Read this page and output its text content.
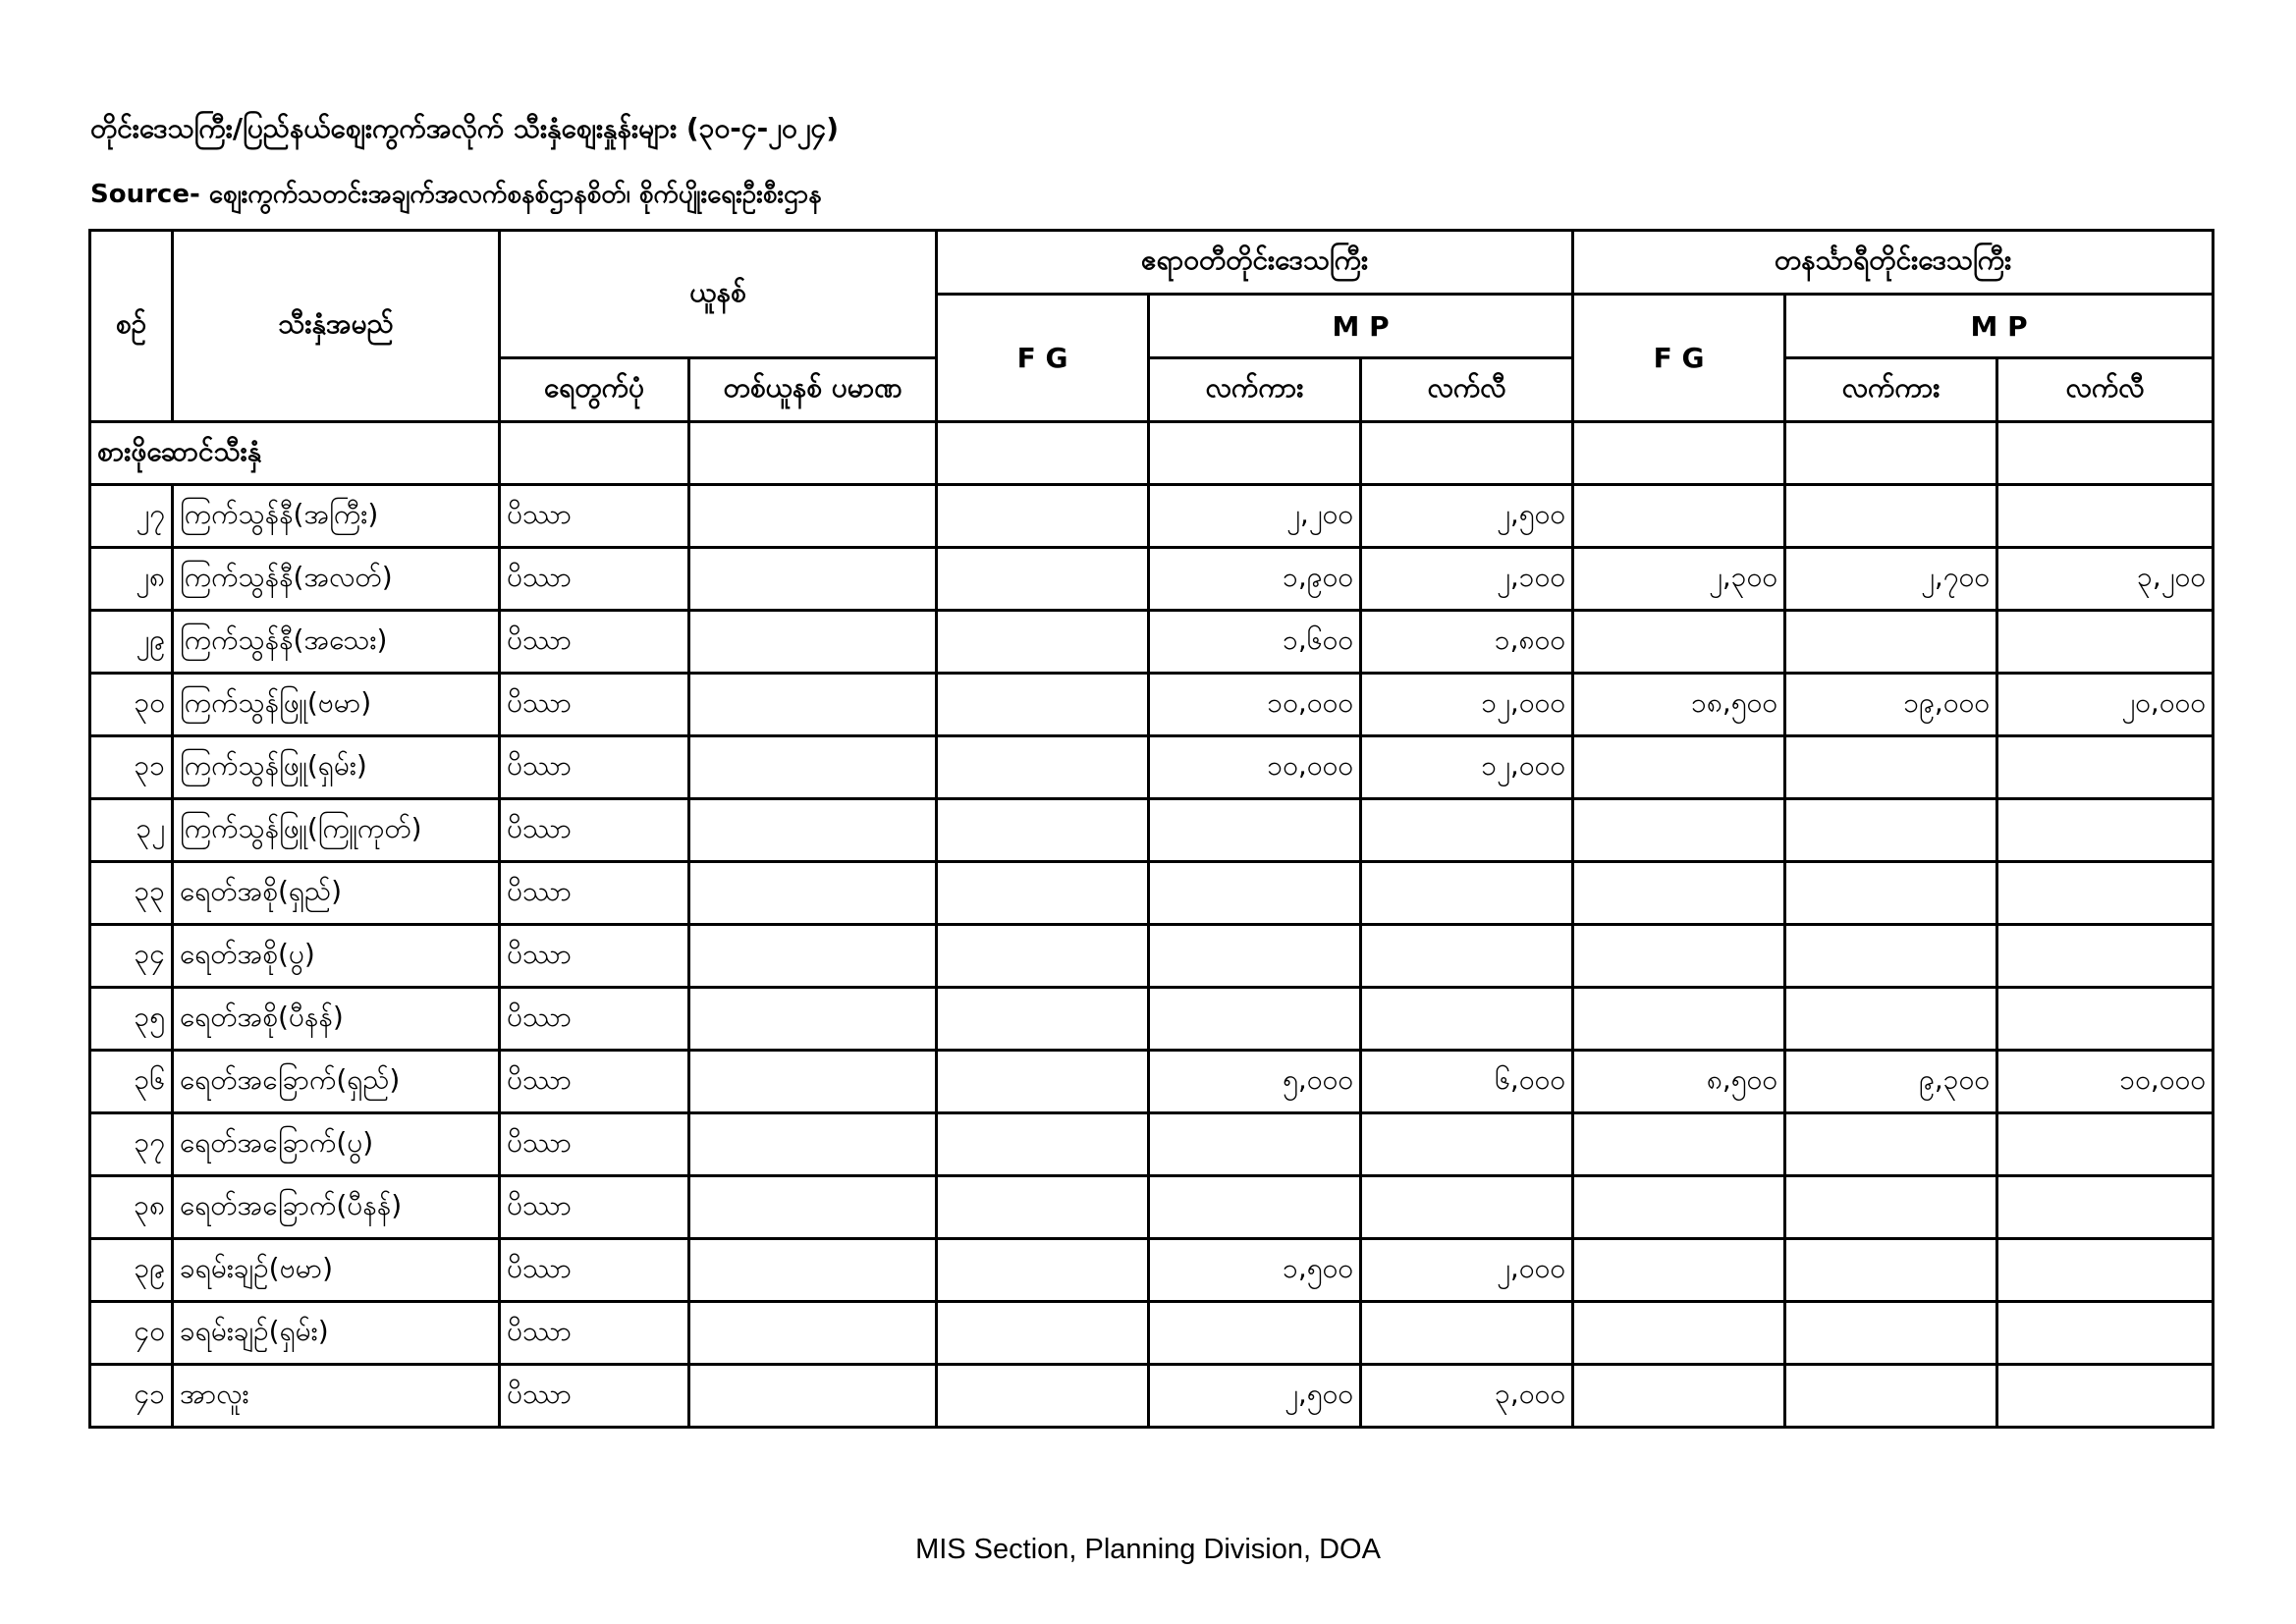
တိုင်းဒေသကြီး/ပြည်နယ်စျေးကွက်အလိုက် သီးနှံစျေးနှုန်းများ (၃၀-၄-၂၀၂၄)
Source- စျေးကွက်သတင်းအချက်အလက်စနစ်ဌာနစိတ်၊ စိုက်ပျိုးရေးဦးစီးဌာန
စဉ်	သီးနှံအမည်	ယူနစ်		ဧရာဝတီတိုင်းဒေသကြီး			တနင်္သာရီတိုင်းဒေသကြီး		
				F G	M P		F G	M P	
		ရေတွက်ပုံ	တစ်ယူနစ် ပမာဏ		လက်ကား	လက်လီ		လက်ကား	လက်လီ
စားဖိုဆောင်သီးနှံ									
၂၇	ကြက်သွန်နီ(အကြီး)	ပိဿာ			၂,၂၀၀	၂,၅၀၀			
၂၈	ကြက်သွန်နီ(အလတ်)	ပိဿာ			၁,၉၀၀	၂,၁၀၀	၂,၃၀၀	၂,၇၀၀	၃,၂၀၀
၂၉	ကြက်သွန်နီ(အသေး)	ပိဿာ			၁,၆၀၀	၁,၈၀၀			
၃၀	ကြက်သွန်ဖြူ(ဗမာ)	ပိဿာ			၁၀,၀၀၀	၁၂,၀၀၀	၁၈,၅၀၀	၁၉,၀၀၀	၂၀,၀၀၀
၃၁	ကြက်သွန်ဖြူ(ရှမ်း)	ပိဿာ			၁၀,၀၀၀	၁၂,၀၀၀			
၃၂	ကြက်သွန်ဖြူ(ကြူကုတ်)	ပိဿာ							
၃၃	ရေတ်အစို(ရှည်)	ပိဿာ							
၃၄	ရေတ်အစို(ပွ)	ပိဿာ							
၃၅	ရေတ်အစို(ပီနန်)	ပိဿာ							
၃၆	ရေတ်အခြောက်(ရှည်)	ပိဿာ			၅,၀၀၀	၆,၀၀၀	၈,၅၀၀	၉,၃၀၀	၁၀,၀၀၀
၃၇	ရေတ်အခြောက်(ပွ)	ပိဿာ							
၃၈	ရေတ်အခြောက်(ပီနန်)	ပိဿာ							
၃၉	ခရမ်းချဉ်(ဗမာ)	ပိဿာ			၁,၅၀၀	၂,၀၀၀			
၄၀	ခရမ်းချဉ်(ရှမ်း)	ပိဿာ							
၄၁	အာလူး	ပိဿာ			၂,၅၀၀	၃,၀၀၀			
MIS Section, Planning Division, DOA
